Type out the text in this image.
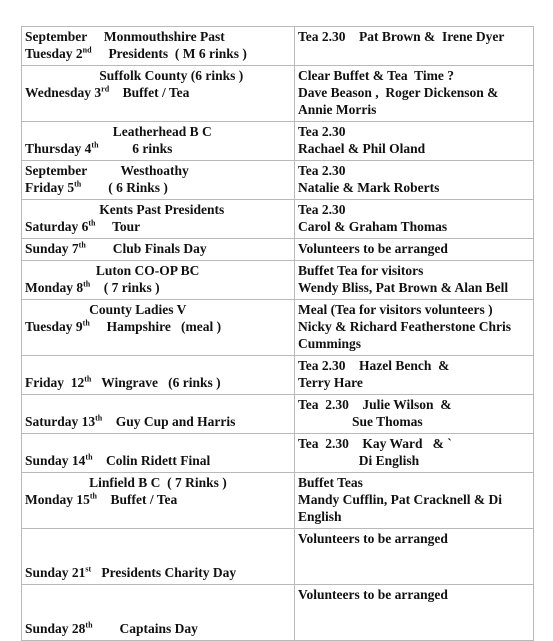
September     Monmouthshire Past
Tuesday 2nd     Presidents  ( M 6 rinks )	Tea 2.30    Pat Brown &  Irene Dyer

Suffolk County (6 rinks )
Wednesday 3rd    Buffet / Tea	Clear Buffet & Tea  Time ?
Dave Beason ,  Roger Dickenson &
Annie Morris

Leatherhead B C
Thursday 4th          6 rinks	Tea 2.30
Rachael & Phil Oland

September          Westhoathy
Friday 5th        ( 6 Rinks )	Tea 2.30
Natalie & Mark Roberts

Kents Past Presidents
Saturday 6th     Tour	Tea 2.30
Carol & Graham Thomas

Sunday 7th        Club Finals Day	Volunteers to be arranged

Luton CO-OP BC
Monday 8th    ( 7 rinks )	Buffet Tea for visitors
Wendy Bliss, Pat Brown & Alan Bell

County Ladies V
Tuesday 9th     Hampshire   (meal )	Meal (Tea for visitors volunteers )
Nicky & Richard Featherstone Chris
Cummings

Friday  12th   Wingrave   (6 rinks )	Tea 2.30    Hazel Bench  &
Terry Hare

Saturday 13th    Guy Cup and Harris	Tea  2.30    Julie Wilson  &
Sue Thomas

Sunday 14th    Colin Ridett Final	Tea  2.30    Kay Ward   & `
Di English

Linfield B C  ( 7 Rinks )
Monday 15th    Buffet / Tea	Buffet Teas
Mandy Cufflin, Pat Cracknell & Di
English

Sunday 21st   Presidents Charity Day	Volunteers to be arranged

Sunday 28th        Captains Day	Volunteers to be arranged
